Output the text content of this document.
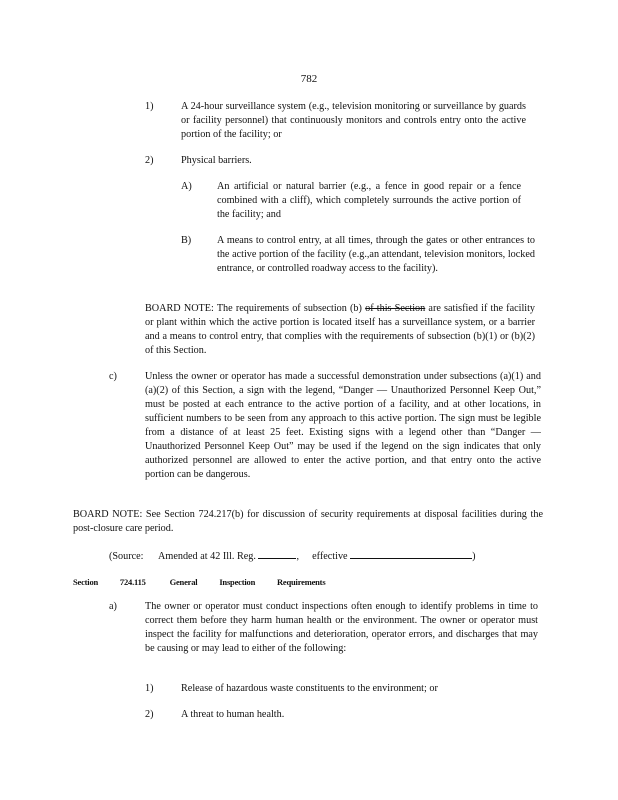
782
1)	A 24-hour surveillance system (e.g., television monitoring or surveillance by guards or facility personnel) that continuously monitors and controls entry onto the active portion of the facility; or
2)	Physical barriers.
A) An artificial or natural barrier (e.g., a fence in good repair or a fence combined with a cliff), which completely surrounds the active portion of the facility; and
B)	A means to control entry, at all times, through the gates or other entrances to the active portion of the facility (e.g.,an attendant, television monitors, locked entrance, or controlled roadway access to the facility).
BOARD NOTE: The requirements of subsection (b) of this Section are satisfied if the facility or plant within which the active portion is located itself has a surveillance system, or a barrier and a means to control entry, that complies with the requirements of subsection (b)(1) or (b)(2) of this Section.
c)	Unless the owner or operator has made a successful demonstration under subsections (a)(1) and (a)(2) of this Section, a sign with the legend, “Danger — Unauthorized Personnel Keep Out,” must be posted at each entrance to the active portion of a facility, and at other locations, in sufficient numbers to be seen from any approach to this active portion. The sign must be legible from a distance of at least 25 feet. Existing signs with a legend other than “Danger — Unauthorized Personnel Keep Out” may be used if the legend on the sign indicates that only authorized personnel are allowed to enter the active portion, and that entry onto the active portion can be dangerous.
BOARD NOTE: See Section 724.217(b) for discussion of security requirements at disposal facilities during the post-closure care period.
(Source: Amended at 42 Ill. Reg.	, effective	)
Section	724.115	General	Inspection	Requirements
a)	The owner or operator must conduct inspections often enough to identify problems in time to correct them before they harm human health or the environment. The owner or operator must inspect the facility for malfunctions and deterioration, operator errors, and discharges that may be causing or may lead to either of the following:
1)	Release of hazardous waste constituents to the environment; or
2)	A threat to human health.
